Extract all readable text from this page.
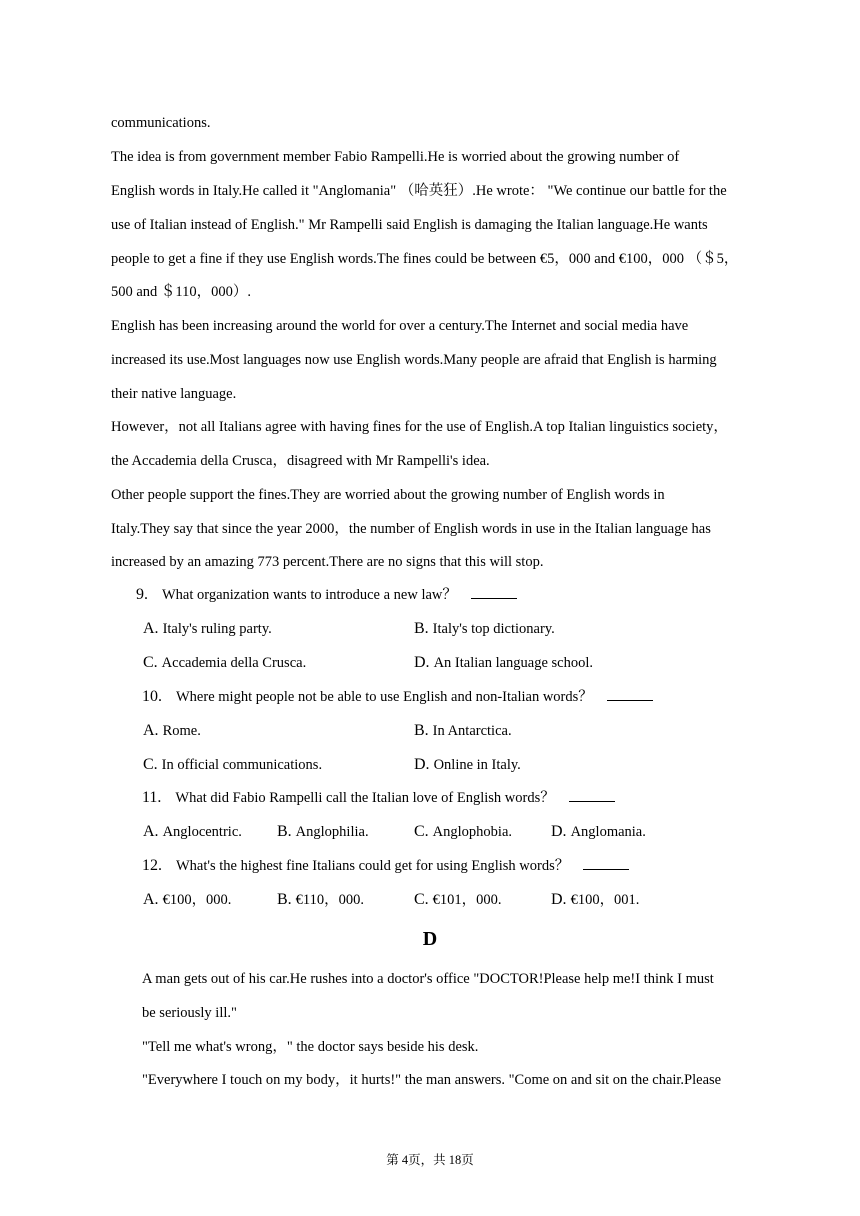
communications.
The idea is from government member Fabio Rampelli.He is worried about the growing number of
English words in Italy.He called it "Anglomania" （哈英狂）.He wrote： "We continue our battle for the
use of Italian instead of English." Mr Rampelli said English is damaging the Italian language.He wants
people to get a fine if they use English words.The fines could be between €5，000 and €100，000 （＄5，
500 and ＄110，000）.
English has been increasing around the world for over a century.The Internet and social media have
increased its use.Most languages now use English words.Many people are afraid that English is harming
their native language.
However，not all Italians agree with having fines for the use of English.A top Italian linguistics society，
the Accademia della Crusca，disagreed with Mr Rampelli's idea.
Other people support the fines.They are worried about the growing number of English words in
Italy.They say that since the year 2000，the number of English words in use in the Italian language has
increased by an amazing 773 percent.There are no signs that this will stop.
9. What organization wants to introduce a new law？
A. Italy's ruling party.	B. Italy's top dictionary.
C. Accademia della Crusca.	D. An Italian language school.
10. Where might people not be able to use English and non-Italian words？
A. Rome.	B. In Antarctica.
C. In official communications.	D. Online in Italy.
11. What did Fabio Rampelli call the Italian love of English words？
A. Anglocentric. B. Anglophilia.	C. Anglophobia. D. Anglomania.
12. What's the highest fine Italians could get for using English words？
A. €100，000.	B. €110，000.	C. €101，000.	D. €100，001.
D
A man gets out of his car.He rushes into a doctor's office "DOCTOR!Please help me!I think I must
be seriously ill."
"Tell me what's wrong，" the doctor says beside his desk.
"Everywhere I touch on my body，it hurts!" the man answers. "Come on and sit on the chair.Please
第 4页，共 18页
